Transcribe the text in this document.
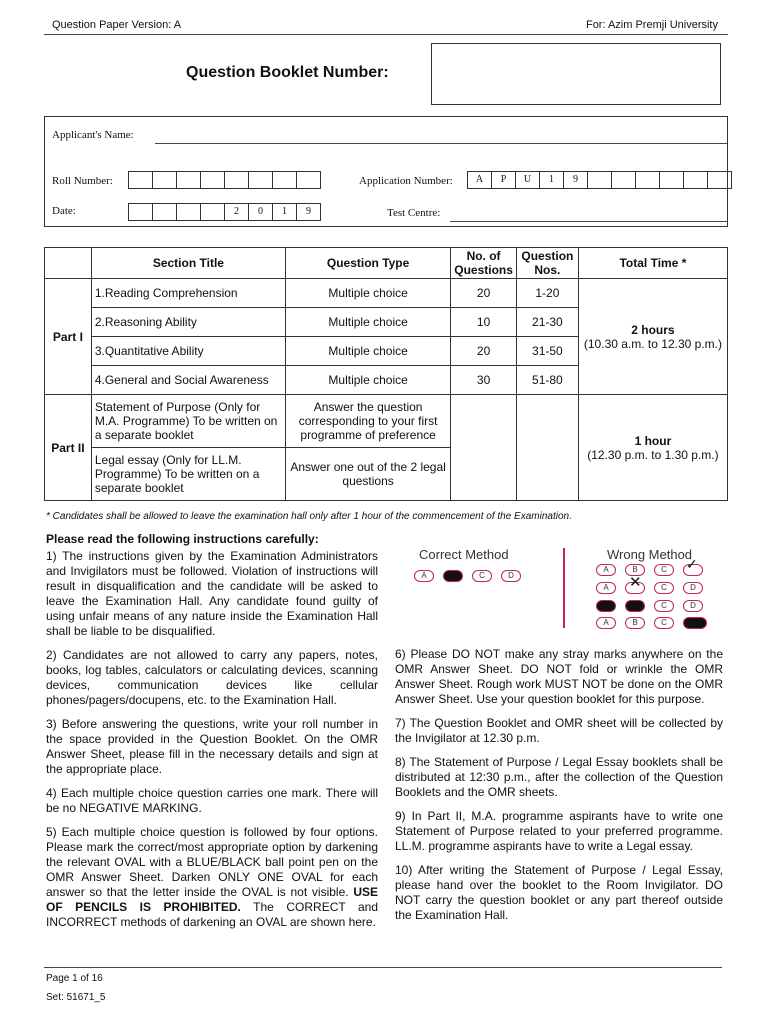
Question Paper Version: A	For: Azim Premji University
Question Booklet Number:
Applicant's Name:
Roll Number:	Application Number:	A	P	U	1	9
Date:	2	0	1	9	Test Centre:
	Section Title	Question Type	No. of Questions	Question Nos.	Total Time *
Part I	1.Reading Comprehension	Multiple choice	20	1-20	2 hours
(10.30 a.m. to 12.30 p.m.)

	2.Reasoning Ability	Multiple choice	10	21-30	
	3.Quantitative Ability	Multiple choice	20	31-50	
	4.General and Social Awareness	Multiple choice	30	51-80	
Part II	Statement of Purpose (Only for M.A. Programme) To be written on a separate booklet	Answer the question corresponding to your first programme of preference			1 hour
(12.30 p.m. to 1.30 p.m.)

	Legal essay (Only for LL.M. Programme) To be written on a separate booklet	Answer one out of the 2 legal questions			
* Candidates shall be allowed to leave the examination hall only after 1 hour of the commencement of the Examination.
Please read the following instructions carefully:

1) The instructions given by the Examination Administrators and Invigilators must be followed. Violation of instructions will result in disqualification and the candidate will be asked to leave the Examination Hall. Any candidate found guilty of using unfair means of any nature inside the Examination Hall shall be liable to be disqualified.

2) Candidates are not allowed to carry any papers, notes, books, log tables, calculators or calculating devices, scanning devices, communication devices like cellular phones/pagers/docupens, etc. to the Examination Hall.

3) Before answering the questions, write your roll number in the space provided in the Question Booklet. On the OMR Answer Sheet, please fill in the necessary details and sign at the appropriate place.

4) Each multiple choice question carries one mark. There will be no NEGATIVE MARKING.

5) Each multiple choice question is followed by four options. Please mark the correct/most appropriate option by darkening the relevant OVAL with a BLUE/BLACK ball point pen on the OMR Answer Sheet. Darken ONLY ONE OVAL for each answer so that the letter inside the OVAL is not visible. USE OF PENCILS IS PROHIBITED. The CORRECT and INCORRECT methods of darkening an OVAL are shown here.

Correct Method	Wrong Method
A	C	D
A	B	C	✓
A	✕	C	D
C	D
A	B	C

6) Please DO NOT make any stray marks anywhere on the OMR Answer Sheet. DO NOT fold or wrinkle the OMR Answer Sheet. Rough work MUST NOT be done on the OMR Answer Sheet. Use your question booklet for this purpose.

7) The Question Booklet and OMR sheet will be collected by the Invigilator at 12.30 p.m.

8) The Statement of Purpose / Legal Essay booklets shall be distributed at 12:30 p.m., after the collection of the Question Booklets and the OMR sheets.

9) In Part II, M.A. programme aspirants have to write one Statement of Purpose related to your preferred programme. LL.M. programme aspirants have to write a Legal essay.

10) After writing the Statement of Purpose / Legal Essay, please hand over the booklet to the Room Invigilator. DO NOT carry the question booklet or any part thereof outside the Examination Hall.

Page 1 of 16
Set: 51671_5
